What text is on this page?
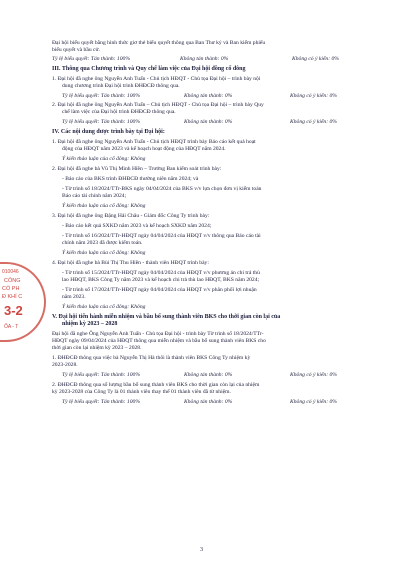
Đại hội biểu quyết bằng hình thức giơ thẻ biểu quyết thông qua Ban Thư ký và Ban kiểm phiếu
biểu quyết và bầu cử.
Tỷ lệ biểu quyết: Tán thành: 100%	Không tán thành: 0%	Không có ý kiến: 0%
III. Thông qua Chương trình và Quy chế làm việc của Đại hội đồng cổ đông
1. Đại hội đã nghe ông Nguyễn Anh Tuấn - Chủ tịch HĐQT - Chủ tọa Đại hội – trình bày nội
dung chương trình Đại hội trình ĐHĐCĐ thông qua.
Tỷ lệ biểu quyết: Tán thành: 100%	Không tán thành: 0%	Không có ý kiến: 0%
2. Đại hội đã nghe ông Nguyễn Anh Tuấn – Chủ tịch HĐQT - Chủ tọa Đại hội – trình bày Quy
chế làm việc của Đại hội trình ĐHĐCĐ thông qua.
Tỷ lệ biểu quyết: Tán thành: 100%	Không tán thành: 0%	Không có ý kiến: 0%
IV. Các nội dung được trình bày tại Đại hội:
1. Đại hội đã nghe ông Nguyễn Anh Tuấn - Chủ tịch HĐQT trình bày Báo cáo kết quả hoạt
động của HĐQT năm 2023 và kế hoạch hoạt động của HĐQT năm 2024.
Ý kiến thảo luận của cổ đông: Không
2. Đại hội đã nghe bà Vũ Thị Minh Hiền – Trưởng Ban kiểm soát trình bày:
- Báo cáo của BKS trình ĐHĐCĐ thường niên năm 2024; và
- Tờ trình số 18/2024/TTr-BKS ngày 04/04/2024 của BKS v/v lựa chọn đơn vị kiểm toán
Báo cáo tài chính năm 2024;
Ý kiến thảo luận của cổ đông: Không
3. Đại hội đã nghe ông Đặng Hải Châu - Giám đốc Công Ty trình bày:
- Báo cáo kết quả SXKD năm 2023 và kế hoạch SXKD năm 2024;
- Tờ trình số 16/2024/TTr-HĐQT ngày 04/04/2024 của HĐQT v/v thông qua Báo cáo tài
chính năm 2023 đã được kiểm toán.
Ý kiến thảo luận của cổ đông: Không
4. Đại hội đã nghe bà Bùi Thị Thu Hiền - thành viên HĐQT trình bày:
- Tờ trình số 15/2024/TTr-HĐQT ngày 04/04/2024 của HĐQT v/v phương án chi trả thù
lao HĐQT, BKS Công Ty năm 2023 và kế hoạch chi trả thù lao HĐQT, BKS năm 2024;
- Tờ trình số 17/2024/TTr-HĐQT ngày 04/04/2024 của HĐQT v/v phân phối lợi nhuận
năm 2023.
Ý kiến thảo luận của cổ đông: Không
V. Đại hội tiến hành miễn nhiệm và bầu bổ sung thành viên BKS cho thời gian còn lại của
nhiệm kỳ 2023 – 2028
Đại hội đã nghe Ông Nguyễn Anh Tuấn - Chủ tọa Đại hội - trình bày Tờ trình số 18/2024/TTr-
HĐQT ngày 09/04/2024 của HĐQT thông qua miễn nhiệm và bầu bổ sung thành viên BKS cho
thời gian còn lại nhiệm kỳ 2023 – 2028.
1. ĐHĐCĐ thông qua việc bà Nguyễn Thị Hà thôi là thành viên BKS Công Ty nhiệm kỳ
2023-2028.
Tỷ lệ biểu quyết: Tán thành: 100%	Không tán thành: 0%	Không có ý kiến: 0%
2. ĐHĐCĐ thông qua số lượng bầu bổ sung thành viên BKS cho thời gian còn lại của nhiệm
kỳ 2023-2028 của Công Ty là 01 thành viên thay thế 01 thành viên đã từ nhiệm.
Tỷ lệ biểu quyết: Tán thành: 100%	Không tán thành: 0%	Không có ý kiến: 0%
3
010046
CÔNG
CỔ PH
Đ KHÍ C
3-2
ỐA - T
